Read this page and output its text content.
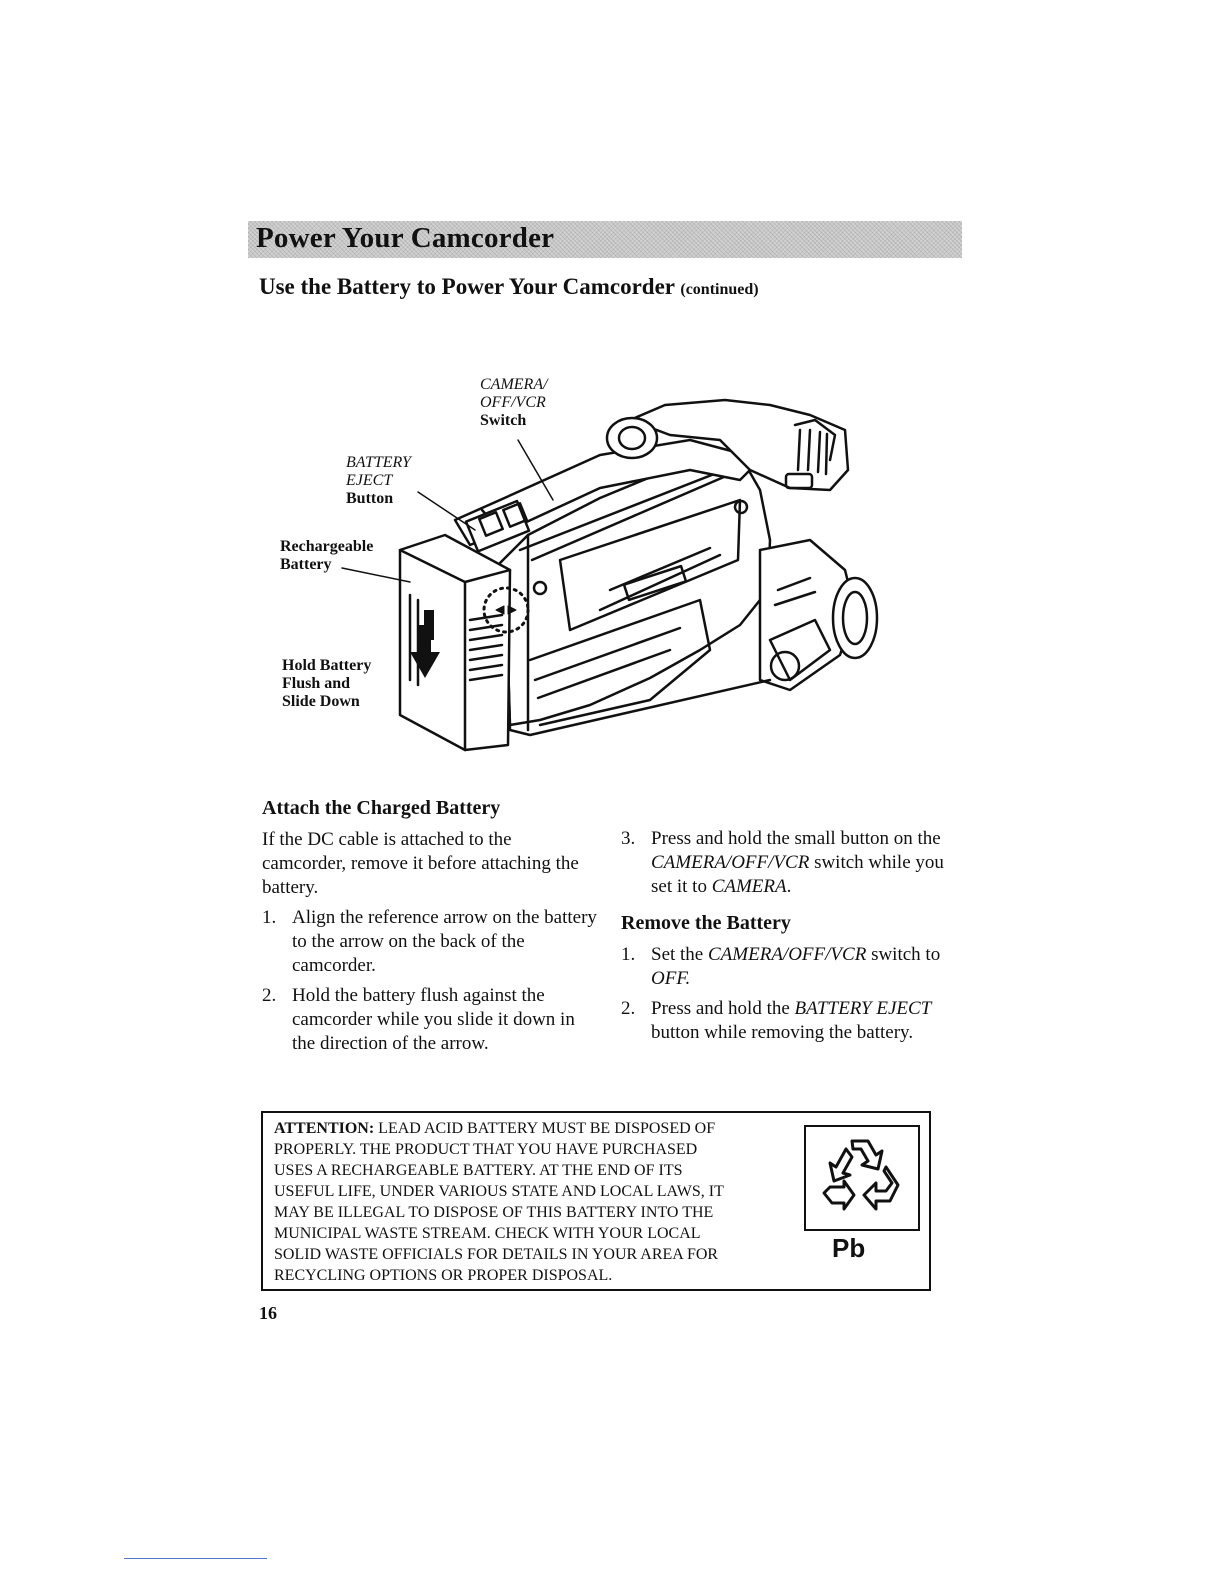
Power Your Camcorder
Use the Battery to Power Your Camcorder (continued)
CAMERA/
OFF/VCR
Switch
BATTERY
EJECT
Button
Rechargeable
Battery
Hold Battery
Flush and
Slide Down
Attach the Charged Battery

If the DC cable is attached to the camcorder, remove it before attaching the battery.

1. Align the reference arrow on the battery to the arrow on the back of the camcorder.
2. Hold the battery flush against the camcorder while you slide it down in the direction of the arrow.
3. Press and hold the small button on the CAMERA/OFF/VCR switch while you set it to CAMERA.
Remove the Battery
1. Set the CAMERA/OFF/VCR switch to OFF.
2. Press and hold the BATTERY EJECT button while removing the battery.
ATTENTION: LEAD ACID BATTERY MUST BE DISPOSED OF
PROPERLY. THE PRODUCT THAT YOU HAVE PURCHASED
USES A RECHARGEABLE BATTERY. AT THE END OF ITS
USEFUL LIFE, UNDER VARIOUS STATE AND LOCAL LAWS, IT
MAY BE ILLEGAL TO DISPOSE OF THIS BATTERY INTO THE
MUNICIPAL WASTE STREAM. CHECK WITH YOUR LOCAL
SOLID WASTE OFFICIALS FOR DETAILS IN YOUR AREA FOR
RECYCLING OPTIONS OR PROPER DISPOSAL.
Pb
16
